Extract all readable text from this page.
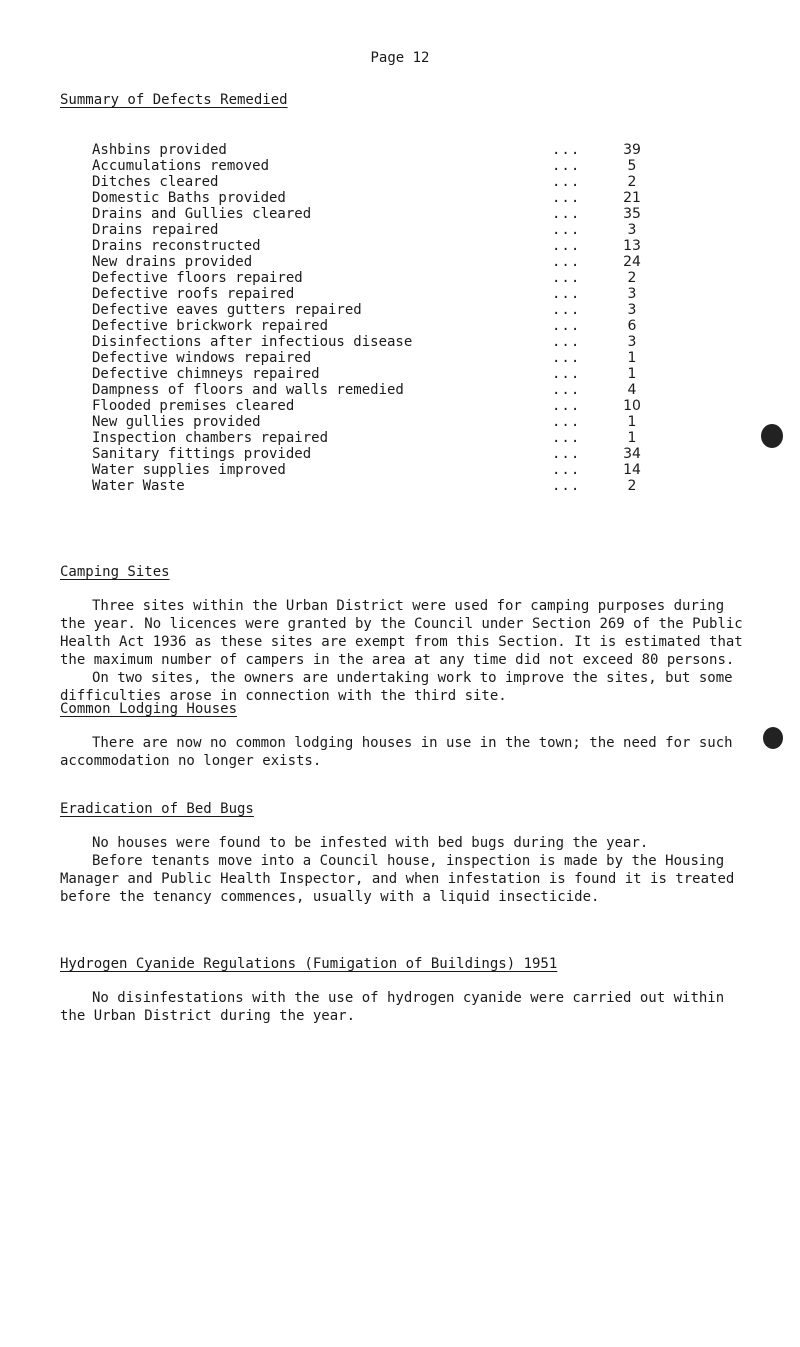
Page 12
Summary of Defects Remedied
Ashbins provided	...	39
Accumulations removed	...	5
Ditches cleared	...	2
Domestic Baths provided	...	21
Drains and Gullies cleared	...	35
Drains repaired	...	3
Drains reconstructed	...	13
New drains provided	...	24
Defective floors repaired	...	2
Defective roofs repaired	...	3
Defective eaves gutters repaired	...	3
Defective brickwork repaired	...	6
Disinfections after infectious disease	...	3
Defective windows repaired	...	1
Defective chimneys repaired	...	1
Dampness of floors and walls remedied	...	4
Flooded premises cleared	...	10
New gullies provided	...	1
Inspection chambers repaired	...	1
Sanitary fittings provided	...	34
Water supplies improved	...	14
Water Waste	...	2
Camping Sites

Three sites within the Urban District were used for camping purposes during the year. No licences were granted by the Council under Section 269 of the Public Health Act 1936 as these sites are exempt from this Section. It is estimated that the maximum number of campers in the area at any time did not exceed 80 persons.

On two sites, the owners are undertaking work to improve the sites, but some difficulties arose in connection with the third site.

Common Lodging Houses

There are now no common lodging houses in use in the town; the need for such accommodation no longer exists.

Eradication of Bed Bugs

No houses were found to be infested with bed bugs during the year.

Before tenants move into a Council house, inspection is made by the Housing Manager and Public Health Inspector, and when infestation is found it is treated before the tenancy commences, usually with a liquid insecticide.

Hydrogen Cyanide Regulations (Fumigation of Buildings) 1951

No disinfestations with the use of hydrogen cyanide were carried out within the Urban District during the year.
